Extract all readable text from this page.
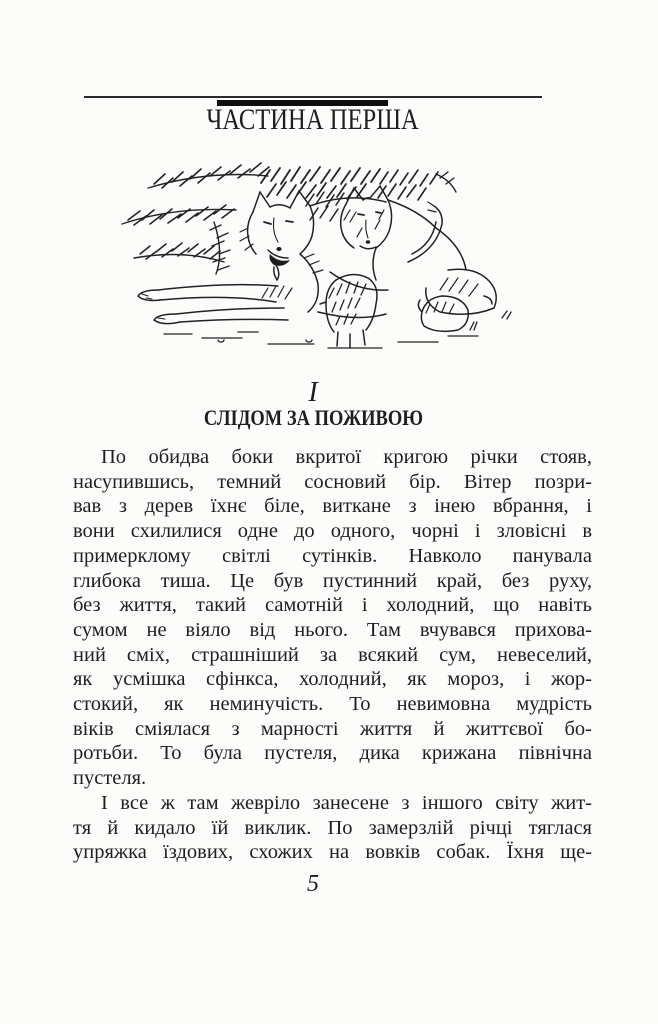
ЧАСТИНА ПЕРША
I
СЛІДОМ ЗА ПОЖИВОЮ
По обидва боки вкритої кригою річки стояв,
насупившись, темний сосновий бір. Вітер позри-
вав з дерев їхнє біле, виткане з інею вбрання, і
вони схилилися одне до одного, чорні і зловісні в
примерклому світлі сутінків. Навколо панувала
глибока тиша. Це був пустинний край, без руху,
без життя, такий самотній і холодний, що навіть
сумом не віяло від нього. Там вчувався прихова-
ний сміх, страшніший за всякий сум, невеселий,
як усмішка сфінкса, холодний, як мороз, і жор-
стокий, як неминучість. То невимовна мудрість
віків сміялася з марності життя й життєвої бо-
ротьби. То була пустеля, дика крижана північна
пустеля.
І все ж там жевріло занесене з іншого світу жит-
тя й кидало їй виклик. По замерзлій річці тяглася
упряжка їздових, схожих на вовків собак. Їхня ще-
5
